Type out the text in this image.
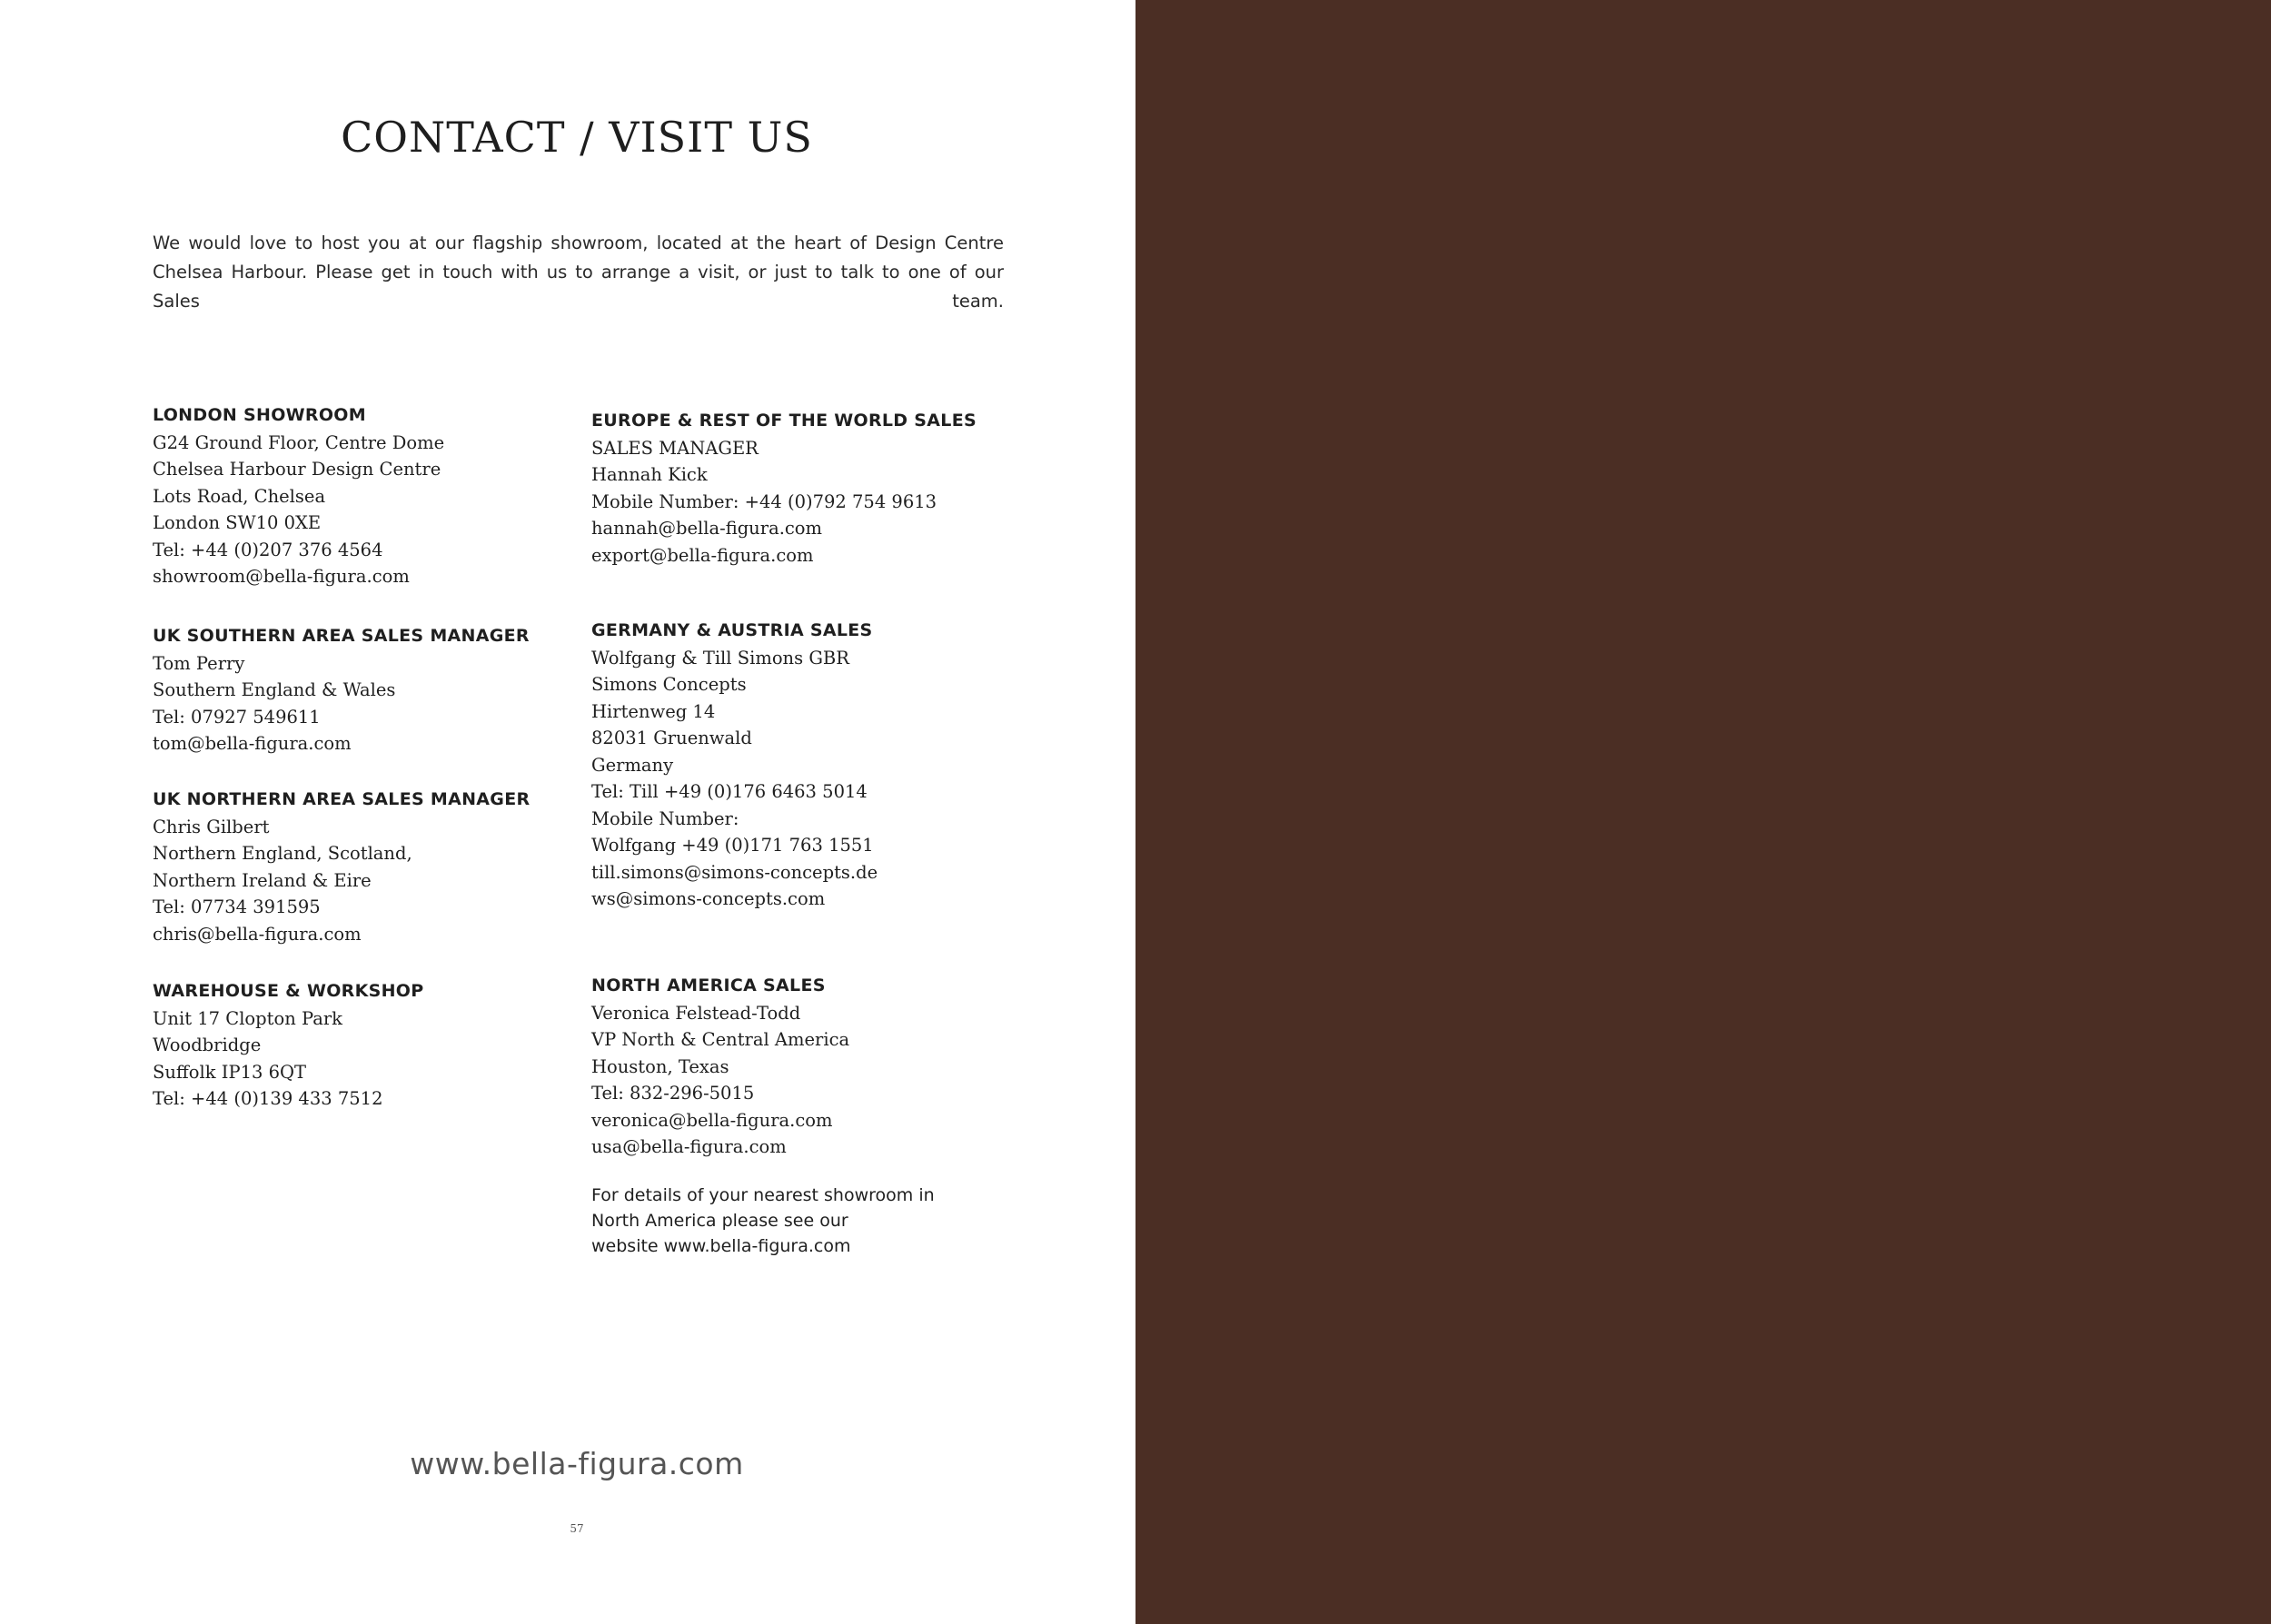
CONTACT / VISIT US

We would love to host you at our flagship showroom, located at the heart of Design Centre Chelsea Harbour. Please get in touch with us to arrange a visit, or just to talk to one of our Sales team.

LONDON SHOWROOM
G24 Ground Floor, Centre Dome
Chelsea Harbour Design Centre
Lots Road, Chelsea
London SW10 0XE
Tel: +44 (0)207 376 4564
showroom@bella-figura.com
UK SOUTHERN AREA SALES MANAGER
Tom Perry
Southern England & Wales
Tel: 07927 549611
tom@bella-figura.com
UK NORTHERN AREA SALES MANAGER
Chris Gilbert
Northern England, Scotland,
Northern Ireland & Eire
Tel: 07734 391595
chris@bella-figura.com
WAREHOUSE & WORKSHOP
Unit 17 Clopton Park
Woodbridge
Suffolk IP13 6QT
Tel: +44 (0)139 433 7512
EUROPE & REST OF THE WORLD SALES
SALES MANAGER
Hannah Kick
Mobile Number: +44 (0)792 754 9613
hannah@bella-figura.com
export@bella-figura.com
GERMANY & AUSTRIA SALES
Wolfgang & Till Simons GBR
Simons Concepts
Hirtenweg 14
82031 Gruenwald
Germany
Tel: Till +49 (0)176 6463 5014
Mobile Number:
Wolfgang +49 (0)171 763 1551
till.simons@simons-concepts.de
ws@simons-concepts.com
NORTH AMERICA SALES
Veronica Felstead-Todd
VP North & Central America
Houston, Texas
Tel: 832-296-5015
veronica@bella-figura.com
usa@bella-figura.com
For details of your nearest showroom in
North America please see our
website www.bella-figura.com
www.bella-figura.com
57
